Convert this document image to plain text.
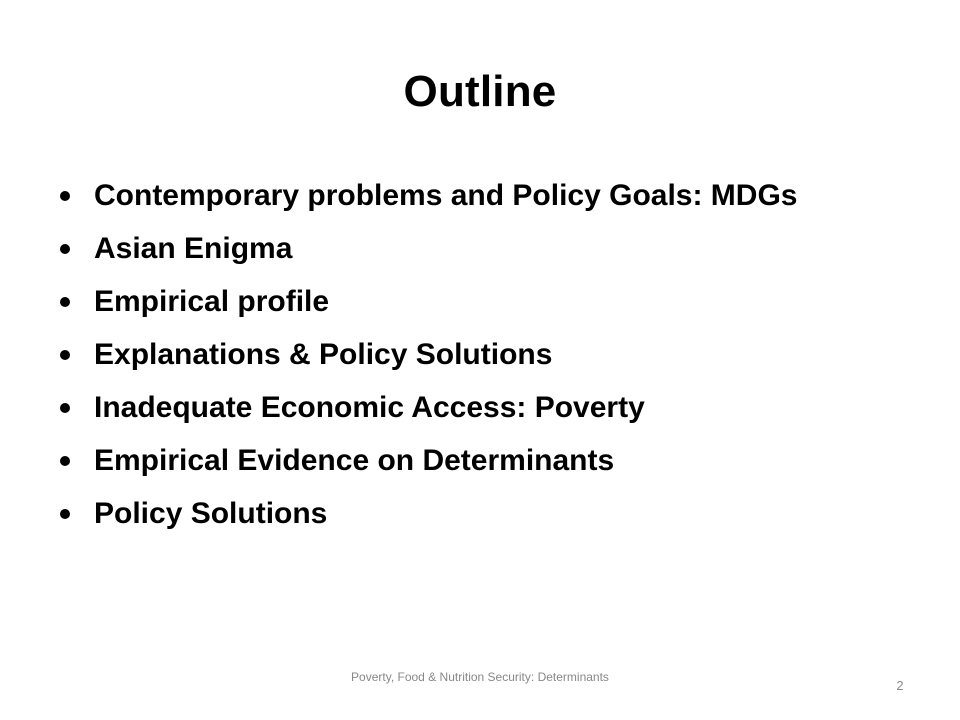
Outline
Contemporary problems and Policy Goals: MDGs
Asian Enigma
Empirical profile
Explanations & Policy Solutions
Inadequate Economic Access: Poverty
Empirical Evidence on Determinants
Policy Solutions
Poverty, Food & Nutrition Security: Determinants
2
